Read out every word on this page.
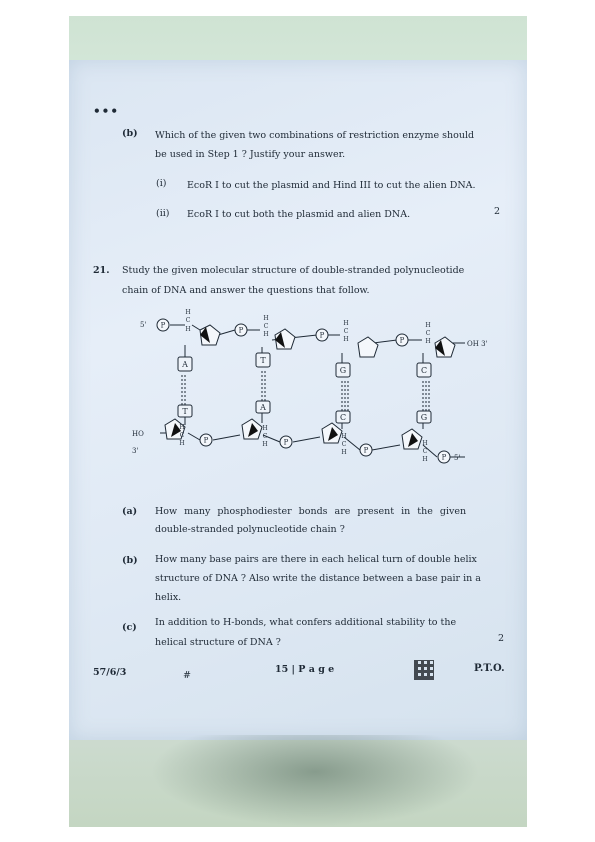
•••
(b) Which of the given two combinations of restriction enzyme should
be used in Step 1 ? Justify your answer.
(i) EcoR I to cut the plasmid and Hind III to cut the alien DNA.
(ii) EcoR I to cut both the plasmid and alien DNA.	2
21. Study the given molecular structure of double-stranded polynucleotide
chain of DNA and answer the questions that follow.
P
P
P
P
P	P
P
P
H
C
H
H
C
H
H
C
H
H
C
H
H
C
H
H
C
H
H
C
H
H
C
H
A	T
G	C
T	A
C	G
5'
OH 3'
HO
3'
5'
(a) How many phosphodiester bonds are present in the given
double-stranded polynucleotide chain ?
(b) How many base pairs are there in each helical turn of double helix
structure of DNA ? Also write the distance between a base pair in a
helix.
(c) In addition to H-bonds, what confers additional stability to the
helical structure of DNA ?	2
57/6/3	#
15 | P a g e	P.T.O.
